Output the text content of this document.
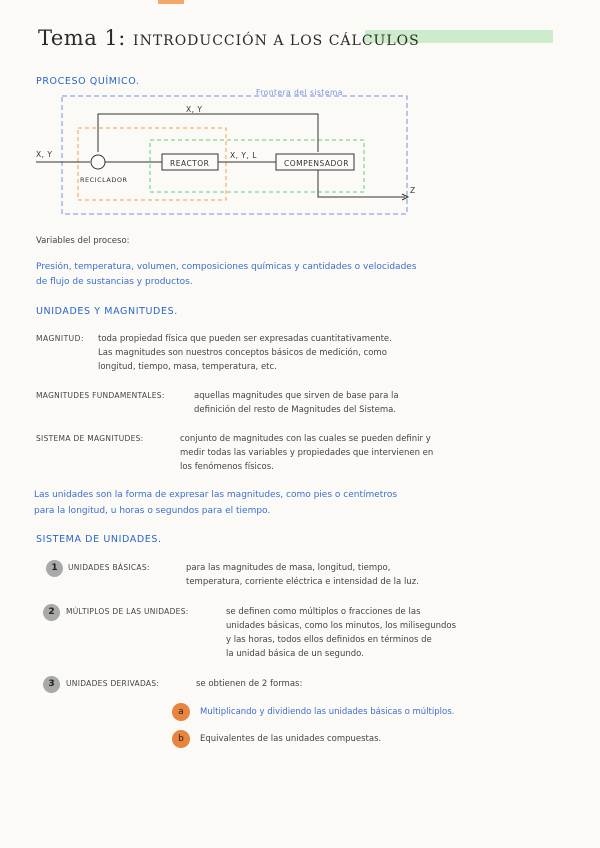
Tema 1: INTRODUCCIÓN A LOS CÁLCULOS
PROCESO QUÍMICO.
Frontera del sistema
X, Y
X, Y	X, Y, L
REACTOR	COMPENSADOR
RECICLADOR
Z
Variables del proceso:
Presión, temperatura, volumen, composiciones químicas y cantidades o velocidades
de flujo de sustancias y productos.
UNIDADES Y MAGNITUDES.
MAGNITUD: toda propiedad física que pueden ser expresadas cuantitativamente.
Las magnitudes son nuestros conceptos básicos de medición, como
longitud, tiempo, masa, temperatura, etc.
MAGNITUDES FUNDAMENTALES:	aquellas magnitudes que sirven de base para la
definición del resto de Magnitudes del Sistema.
SISTEMA DE MAGNITUDES:	conjunto de magnitudes con las cuales se pueden definir y
medir todas las variables y propiedades que intervienen en
los fenómenos físicos.
Las unidades son la forma de expresar las magnitudes, como pies o centímetros
para la longitud, u horas o segundos para el tiempo.
SISTEMA DE UNIDADES.
1	UNIDADES BÁSICAS:	para las magnitudes de masa, longitud, tiempo,
temperatura, corriente eléctrica e intensidad de la luz.
2	MÚLTIPLOS DE LAS UNIDADES:	se definen como múltiplos o fracciones de las
unidades básicas, como los minutos, los milisegundos
y las horas, todos ellos definidos en términos de
la unidad básica de un segundo.
3	UNIDADES DERIVADAS:	se obtienen de 2 formas:
a	Multiplicando y dividiendo las unidades básicas o múltiplos.
b	Equivalentes de las unidades compuestas.
